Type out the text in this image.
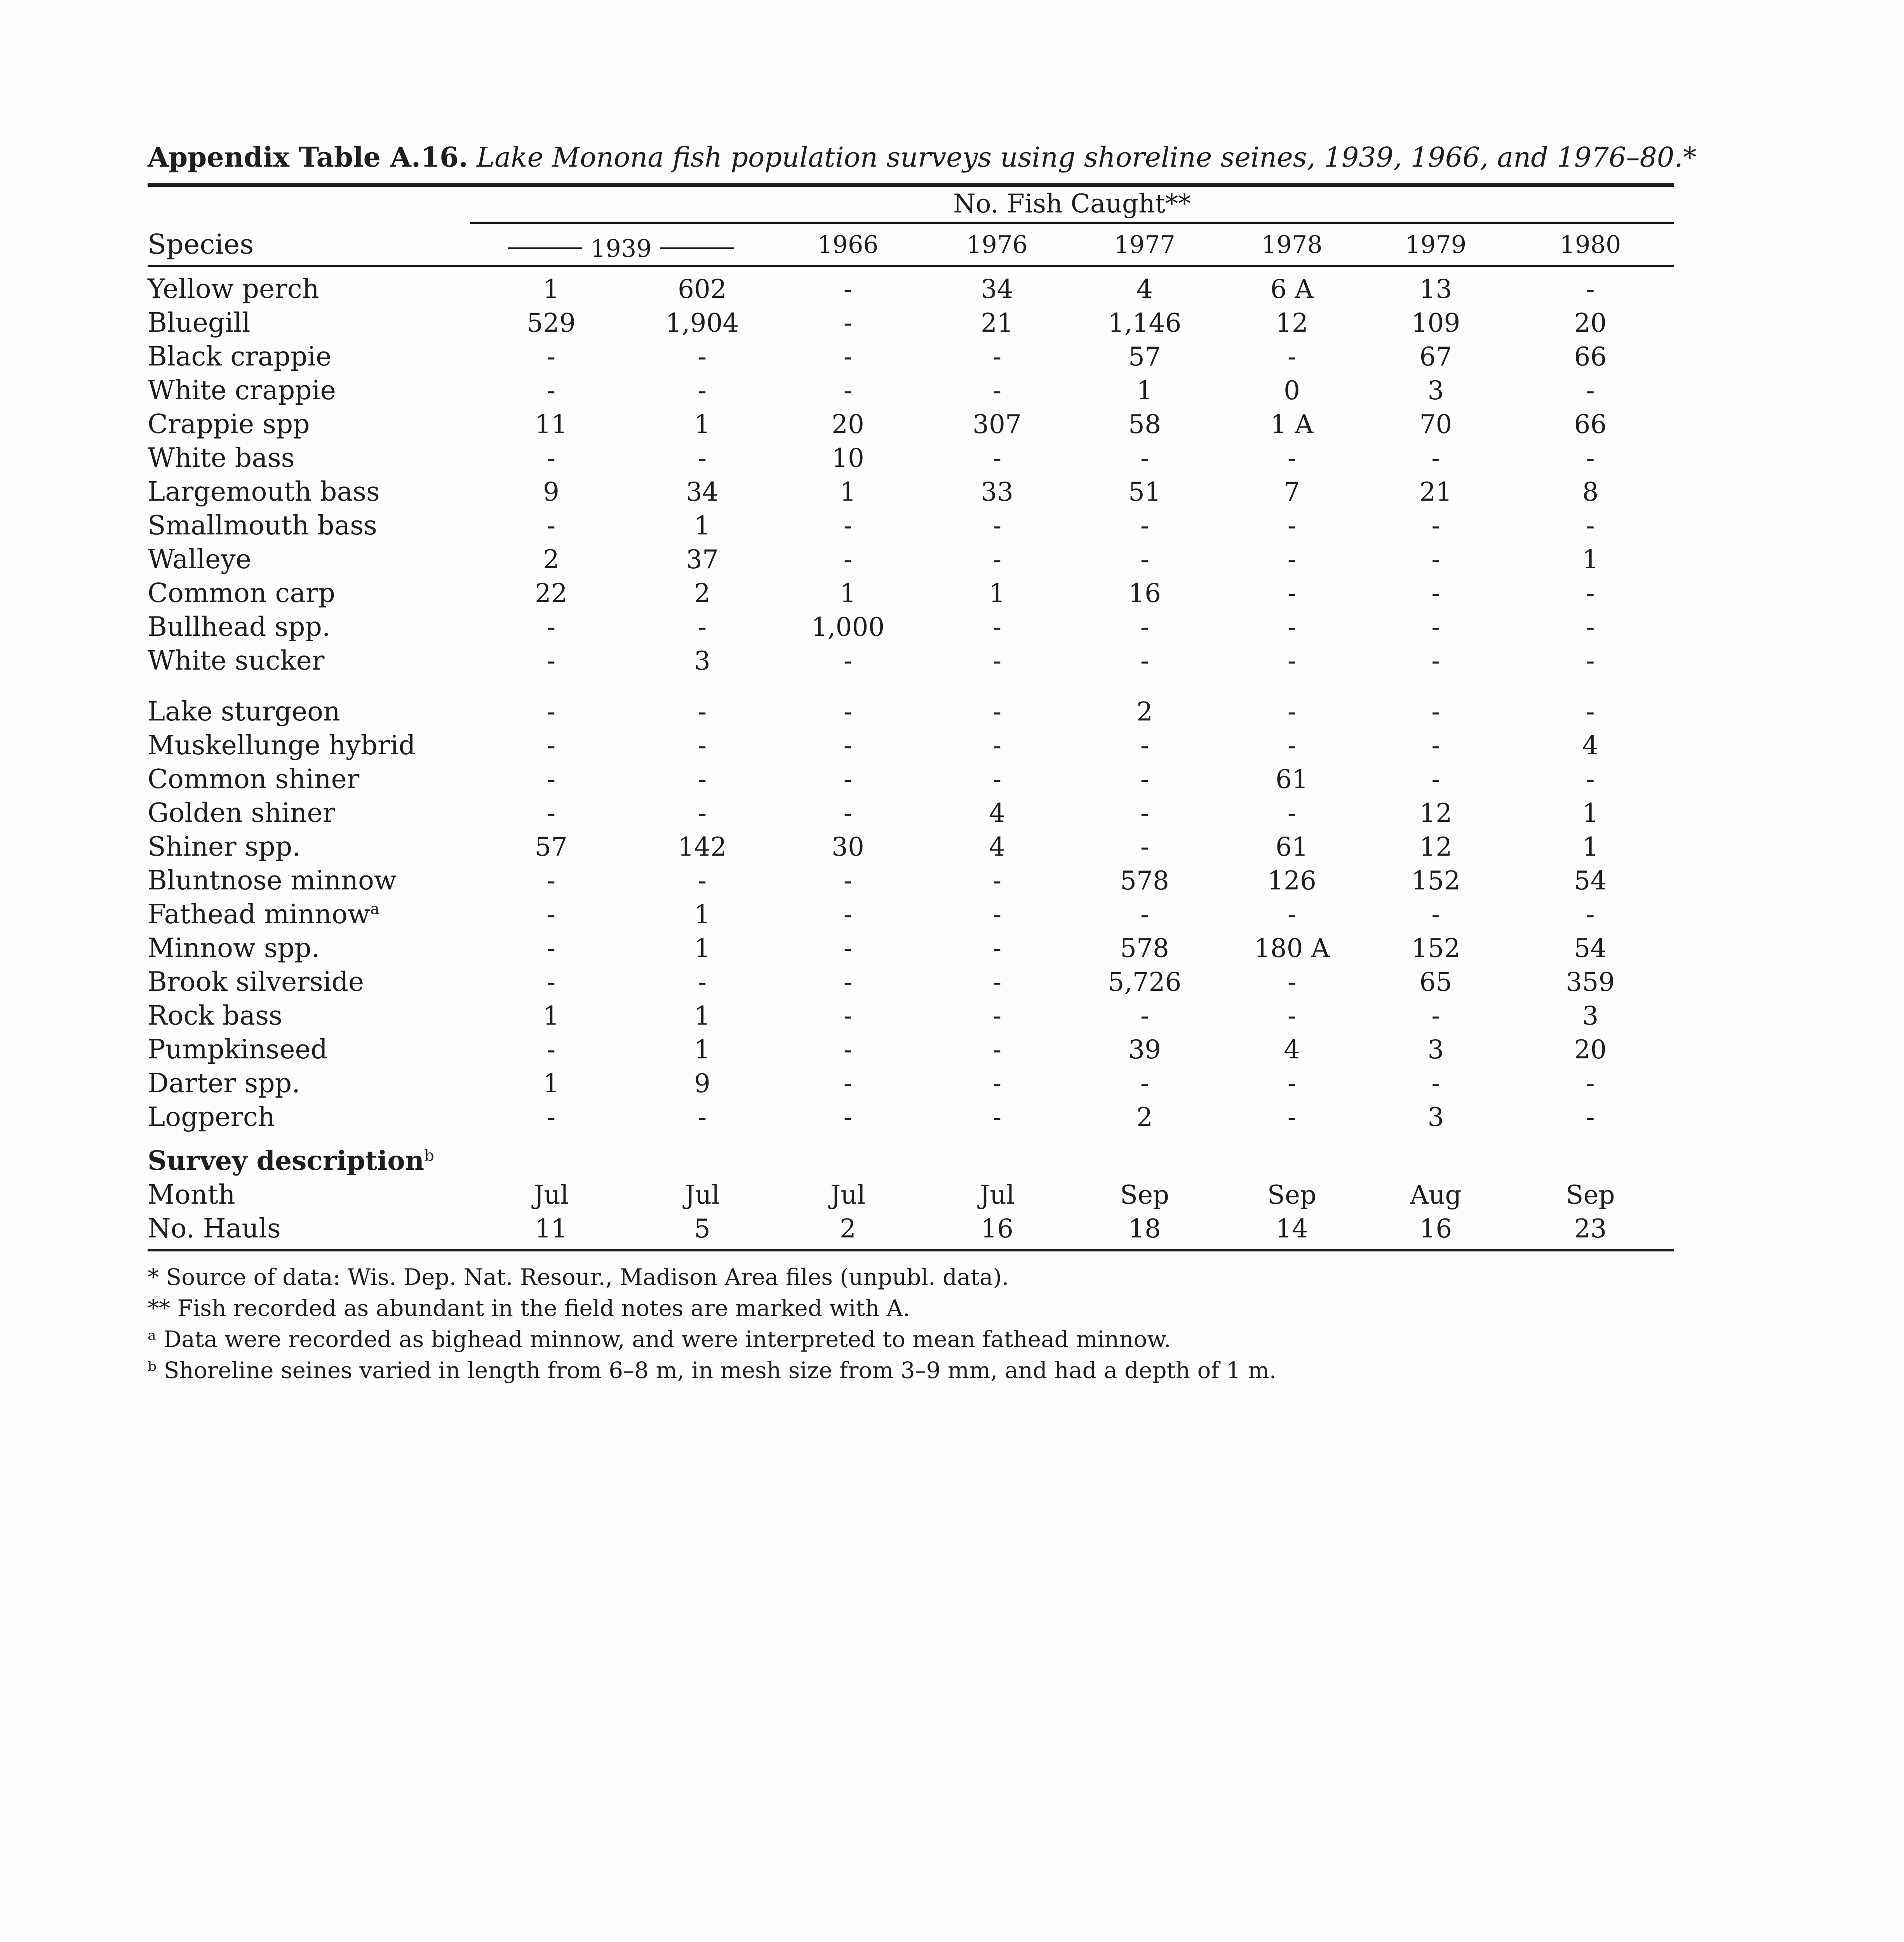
Appendix Table A.16. Lake Monona fish population surveys using shoreline seines, 1939, 1966, and 1976–80.*

	No. Fish Caught**							

Species	1939		1966	1976	1977	1978	1979	1980
Yellow perch	1	602	-	34	4	6 A	13	-
Bluegill	529	1,904	-	21	1,146	12	109	20
Black crappie	-	-	-	-	57	-	67	66
White crappie	-	-	-	-	1	0	3	-
Crappie spp	11	1	20	307	58	1 A	70	66
White bass	-	-	10	-	-	-	-	-
Largemouth bass	9	34	1	33	51	7	21	8
Smallmouth bass	-	1	-	-	-	-	-	-
Walleye	2	37	-	-	-	-	-	1
Common carp	22	2	1	1	16	-	-	-
Bullhead spp.	-	-	1,000	-	-	-	-	-
White sucker	-	3	-	-	-	-	-	-

Lake sturgeon	-	-	-	-	2	-	-	-
Muskellunge hybrid	-	-	-	-	-	-	-	4
Common shiner	-	-	-	-	-	61	-	-
Golden shiner	-	-	-	4	-	-	12	1
Shiner spp.	57	142	30	4	-	61	12	1
Bluntnose minnow	-	-	-	-	578	126	152	54
Fathead minnow$^a$	-	1	-	-	-	-	-	-
Minnow spp.	-	1	-	-	578	180 A	152	54
Brook silverside	-	-	-	-	5,726	-	65	359
Rock bass	1	1	-	-	-	-	-	3
Pumpkinseed	-	1	-	-	39	4	3	20
Darter spp.	1	9	-	-	-	-	-	-
Logperch	-	-	-	-	2	-	3	-
Survey description$^b$
Month	Jul	Jul	Jul	Jul	Sep	Sep	Aug	Sep
No. Hauls	11	5	2	16	18	14	16	23
* Source of data: Wis. Dep. Nat. Resour., Madison Area files (unpubl. data).
** Fish recorded as abundant in the field notes are marked with A.
ᵃ Data were recorded as bighead minnow, and were interpreted to mean fathead minnow.
ᵇ Shoreline seines varied in length from 6–8 m, in mesh size from 3–9 mm, and had a depth of 1 m.
